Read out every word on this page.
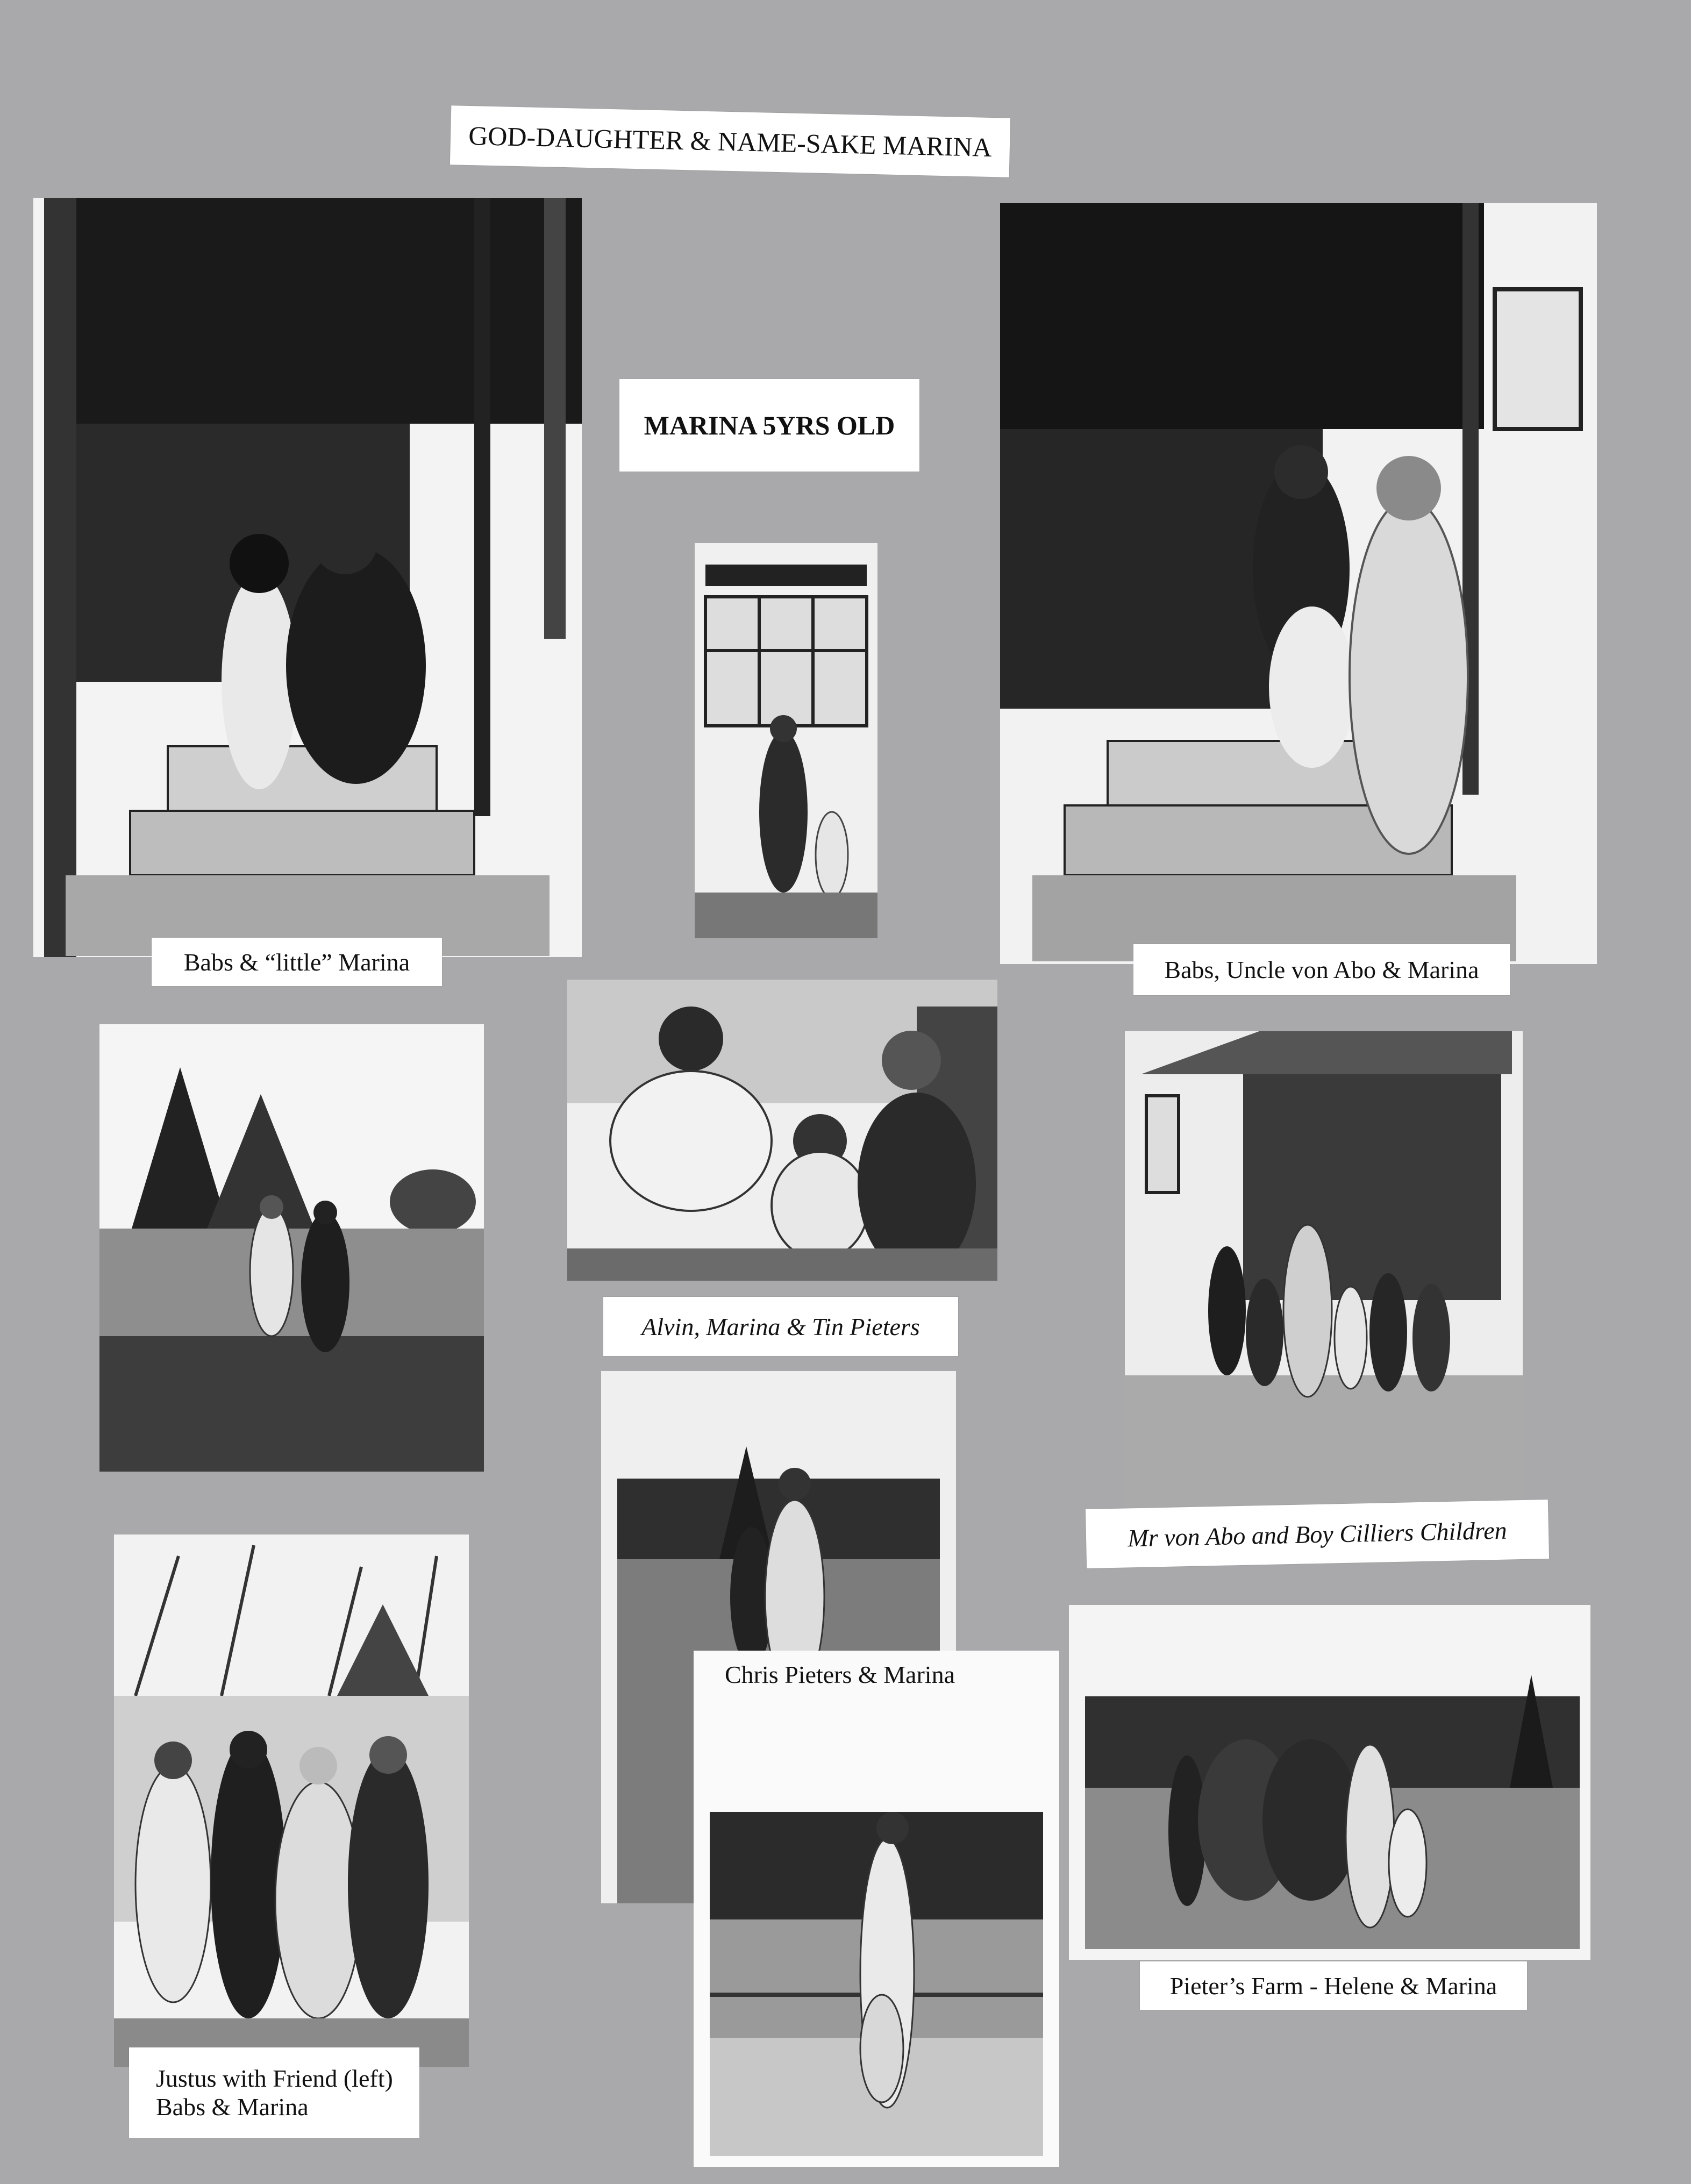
GOD-DAUGHTER & NAME-SAKE MARINA
MARINA 5YRS OLD
Babs & “little” Marina	Babs, Uncle von Abo & Marina
Alvin, Marina & Tin Pieters
Mr von Abo and Boy Cilliers Children
Justus with Friend (left)
Babs & Marina
Chris Pieters & Marina
Pieter’s Farm - Helene & Marina
